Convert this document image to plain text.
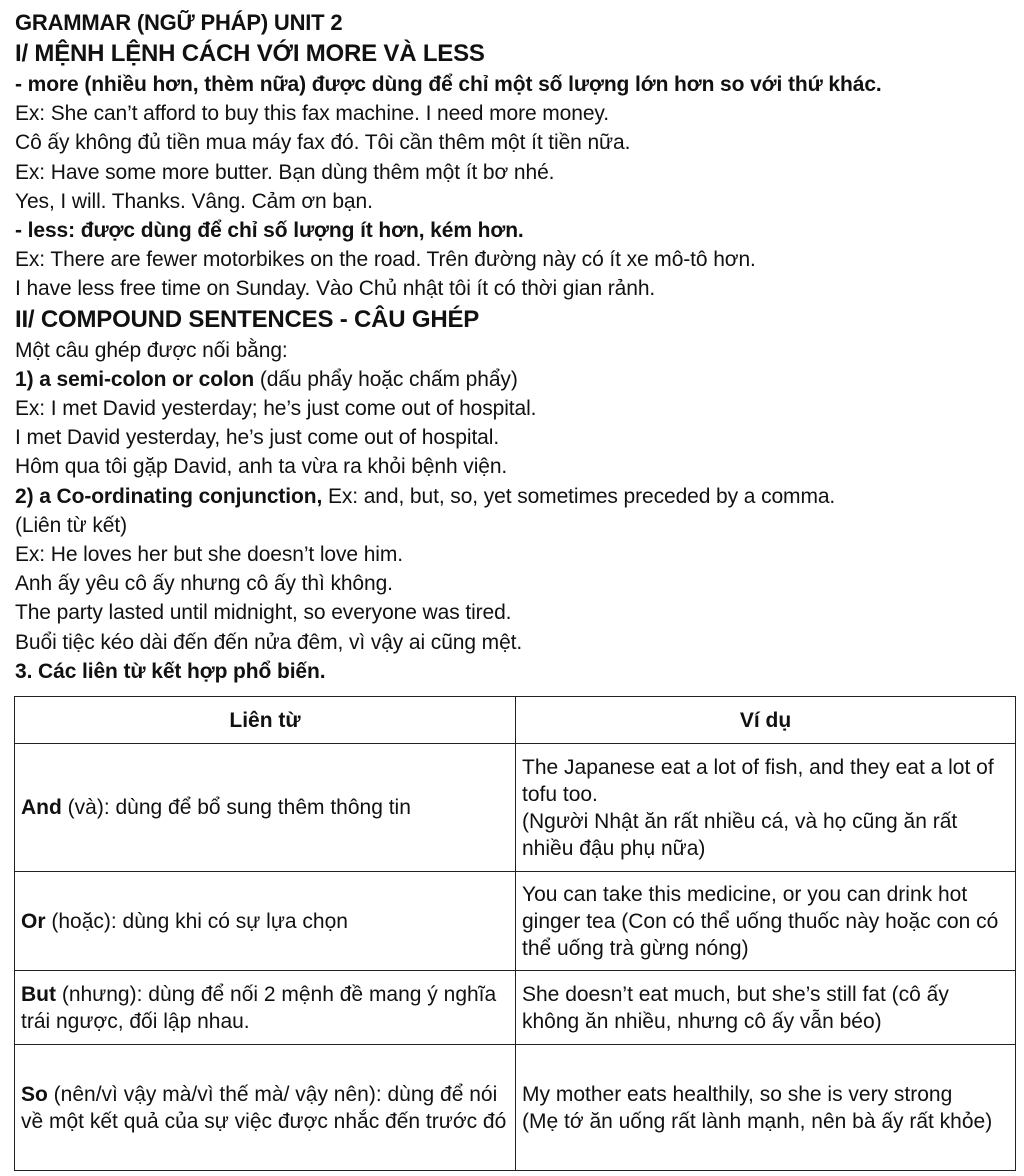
GRAMMAR (NGỮ PHÁP) UNIT 2
I/ MỆNH LỆNH CÁCH VỚI MORE VÀ LESS
- more (nhiều hơn, thèm nữa) được dùng để chỉ một số lượng lớn hơn so với thứ khác.
Ex: She can’t afford to buy this fax machine. I need more money.
Cô ấy không đủ tiền mua máy fax đó. Tôi cần thêm một ít tiền nữa.
Ex: Have some more butter. Bạn dùng thêm một ít bơ nhé.
Yes, I will. Thanks. Vâng. Cảm ơn bạn.
- less: được dùng để chỉ số lượng ít hơn, kém hơn.
Ex: There are fewer motorbikes on the road. Trên đường này có ít xe mô-tô hơn.
I have less free time on Sunday. Vào Chủ nhật tôi ít có thời gian rảnh.
II/ COMPOUND SENTENCES - CÂU GHÉP
Một câu ghép được nối bằng:
1) a semi-colon or colon (dấu phẩy hoặc chấm phẩy)
Ex: I met David yesterday; he’s just come out of hospital.
I met David yesterday, he’s just come out of hospital.
Hôm qua tôi gặp David, anh ta vừa ra khỏi bệnh viện.
2) a Co-ordinating conjunction, Ex: and, but, so, yet sometimes preceded by a comma.
(Liên từ kết)
Ex: He loves her but she doesn’t love him.
Anh ấy yêu cô ấy nhưng cô ấy thì không.
The party lasted until midnight, so everyone was tired.
Buổi tiệc kéo dài đến đến nửa đêm, vì vậy ai cũng mệt.
3. Các liên từ kết hợp phổ biến.
Liên từ	Ví dụ
And (và): dùng để bổ sung thêm thông tin	The Japanese eat a lot of fish, and they eat a lot of tofu too.
(Người Nhật ăn rất nhiều cá, và họ cũng ăn rất nhiều đậu phụ nữa)

Or (hoặc): dùng khi có sự lựa chọn	You can take this medicine, or you can drink hot ginger tea (Con có thể uống thuốc này hoặc con có thể uống trà gừng nóng)

But (nhưng): dùng để nối 2 mệnh đề mang ý nghĩa trái ngược, đối lập nhau.	She doesn’t eat much, but she’s still fat (cô ấy không ăn nhiều, nhưng cô ấy vẫn béo)

So (nên/vì vậy mà/vì thế mà/ vậy nên): dùng để nói về một kết quả của sự việc được nhắc đến trước đó	My mother eats healthily, so she is very strong
(Mẹ tớ ăn uống rất lành mạnh, nên bà ấy rất khỏe)
